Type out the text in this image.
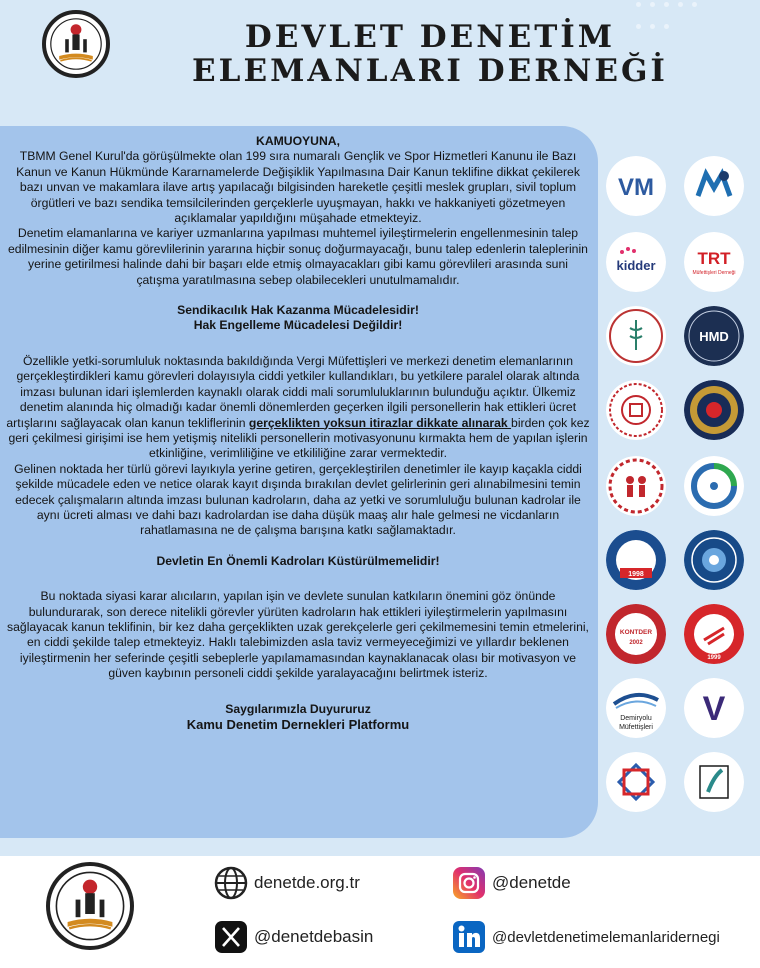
DEVLET DENETİM
ELEMANLARI DERNEĞİ

KAMUOYUNA,

TBMM Genel Kurul'da görüşülmekte olan 199 sıra numaralı Gençlik ve Spor Hizmetleri Kanunu ile Bazı Kanun ve Kanun Hükmünde Kararnamelerde Değişiklik Yapılmasına Dair Kanun teklifine dikkat çekilerek bazı unvan ve makamlara ilave artış yapılacağı bilgisinden hareketle çeşitli meslek grupları, sivil toplum örgütleri ve bazı sendika temsilcilerinden gerçeklerle uyuşmayan, hakkı ve hakkaniyeti gözetmeyen açıklamalar yapıldığını müşahade etmekteyiz.

Denetim elamanlarına ve kariyer uzmanlarına yapılması muhtemel iyileştirmelerin engellenmesinin talep edilmesinin diğer kamu görevlilerinin yararına hiçbir sonuç doğurmayacağı, bunu talep edenlerin taleplerinin yerine getirilmesi halinde dahi bir başarı elde etmiş olmayacakları gibi kamu görevlileri arasında suni çatışma yaratılmasına sebep olabilecekleri unutulmamalıdır.

Sendikacılık Hak Kazanma Mücadelesidir!

Hak Engelleme Mücadelesi Değildir!

Özellikle yetki-sorumluluk noktasında bakıldığında Vergi Müfettişleri ve merkezi denetim elemanlarının gerçekleştirdikleri kamu görevleri dolayısıyla ciddi yetkiler kullandıkları, bu yetkilere paralel olarak altında imzası bulunan idari işlemlerden kaynaklı olarak ciddi mali sorumluluklarının bulunduğu açıktır. Ülkemiz denetim alanında hiç olmadığı kadar önemli dönemlerden geçerken ilgili personellerin hak ettikleri ücret artışlarını sağlayacak olan kanun tekliflerinin gerçeklikten yoksun itirazlar dikkate alınarak birden çok kez geri çekilmesi girişimi ise hem yetişmiş nitelikli personellerin motivasyonunu kırmakta hem de yapılan işlerin etkinliğine, verimliliğine ve etkililiğine zarar vermektedir.

Gelinen noktada her türlü görevi layıkıyla yerine getiren, gerçekleştirilen denetimler ile kayıp kaçakla ciddi şekilde mücadele eden ve netice olarak kayıt dışında bırakılan devlet gelirlerinin geri alınabilmesini temin edecek çalışmaların altında imzası bulunan kadroların, daha az yetki ve sorumluluğu bulunan kadrolar ile aynı ücreti alması ve dahi bazı kadrolardan ise daha düşük maaş alır hale gelmesi ne vicdanların rahatlamasına ne de çalışma barışına katkı sağlamaktadır.

Devletin En Önemli Kadroları Küstürülmemelidir!

Bu noktada siyasi karar alıcıların, yapılan işin ve devlete sunulan katkıların önemini göz önünde bulundurarak, son derece nitelikli görevler yürüten kadroların hak ettikleri iyileştirmelerin yapılmasını sağlayacak kanun teklifinin, bir kez daha gerçeklikten uzak gerekçelerle geri çekilmemesini temin etmelerini, en ciddi şekilde talep etmekteyiz. Haklı talebimizden asla taviz vermeyeceğimizi ve yıllardır beklenen iyileştirmenin her seferinde çeşitli sebeplerle yapılamamasından kaynaklanacak olası bir motivasyon ve güven kaybının personeli ciddi şekilde yaralayacağını belirtmek isteriz.

Saygılarımızla Duyururuz

Kamu Denetim Dernekleri Platformu

VM
kidder TRT
Müfettişleri Derneği
HMD
1998
KONTDER
2002
1999
Demiryolu
Müfettişleri V
denetde.org.tr	@denetde
@denetdebasin	@devletdenetimelemanlaridernegi
